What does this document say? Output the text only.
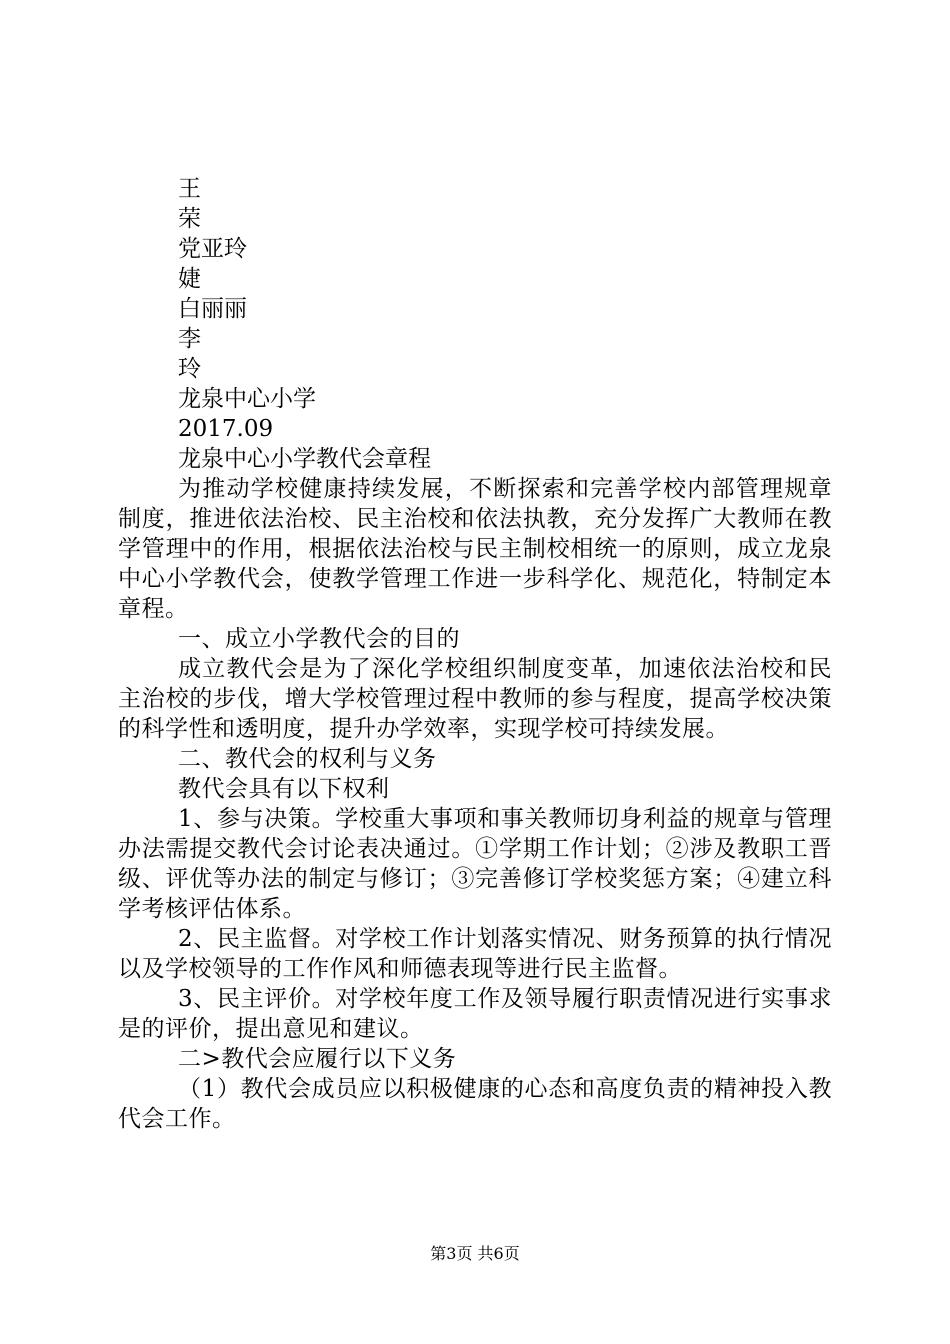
王
荣
党亚玲
婕
白丽丽
李
玲
龙泉中心小学
2017.09
龙泉中心小学教代会章程

为推动学校健康持续发展，不断探索和完善学校内部管理规章制度，推进依法治校、民主治校和依法执教，充分发挥广大教师在教学管理中的作用，根据依法治校与民主制校相统一的原则，成立龙泉中心小学教代会，使教学管理工作进一步科学化、规范化，特制定本章程。

一、成立小学教代会的目的

成立教代会是为了深化学校组织制度变革，加速依法治校和民主治校的步伐，增大学校管理过程中教师的参与程度，提高学校决策的科学性和透明度，提升办学效率，实现学校可持续发展。

二、教代会的权利与义务

教代会具有以下权利

1、参与决策。学校重大事项和事关教师切身利益的规章与管理办法需提交教代会讨论表决通过。①学期工作计划；②涉及教职工晋级、评优等办法的制定与修订；③完善修订学校奖惩方案；④建立科学考核评估体系。

2、民主监督。对学校工作计划落实情况、财务预算的执行情况以及学校领导的工作作风和师德表现等进行民主监督。

3、民主评价。对学校年度工作及领导履行职责情况进行实事求是的评价，提出意见和建议。

二>教代会应履行以下义务

（1）教代会成员应以积极健康的心态和高度负责的精神投入教代会工作。

第3页 共6页
